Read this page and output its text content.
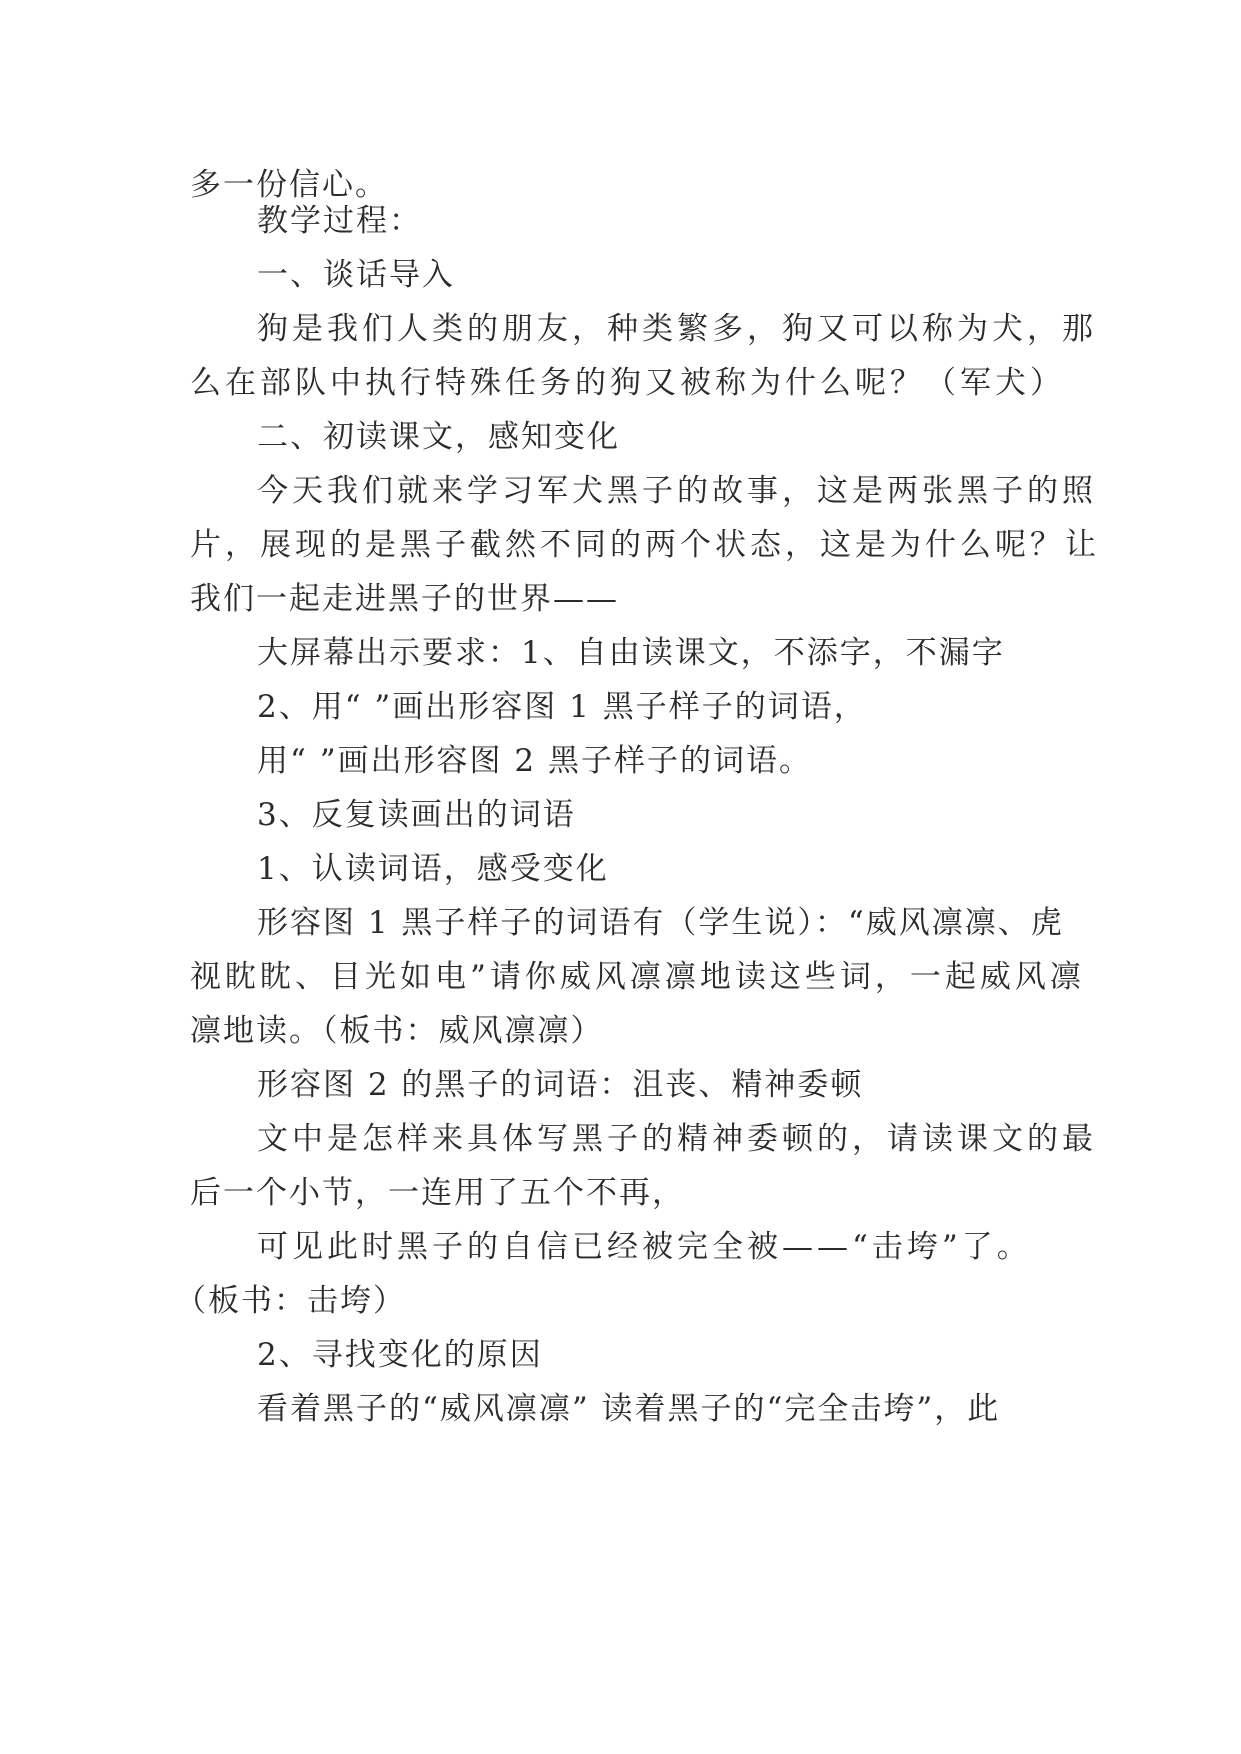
多一份信心。
教学过程：
一、谈话导入
狗是我们人类的朋友，种类繁多，狗又可以称为犬，那
么在部队中执行特殊任务的狗又被称为什么呢？（军犬）
二、初读课文，感知变化
今天我们就来学习军犬黑子的故事，这是两张黑子的照
片，展现的是黑子截然不同的两个状态，这是为什么呢？让
我们一起走进黑子的世界——
大屏幕出示要求：1、自由读课文，不添字，不漏字
2、用“ ”画出形容图 1 黑子样子的词语，
用“ ”画出形容图 2 黑子样子的词语。
3、反复读画出的词语
1、认读词语，感受变化
形容图 1 黑子样子的词语有（学生说）：“威风凛凛、虎
视眈眈、目光如电”请你威风凛凛地读这些词，一起威风凛
凛地读。（板书：威风凛凛）
形容图 2 的黑子的词语：沮丧、精神委顿
文中是怎样来具体写黑子的精神委顿的，请读课文的最
后一个小节，一连用了五个不再，
可见此时黑子的自信已经被完全被——“击垮”了。
（板书：击垮）
2、寻找变化的原因
看着黑子的“威风凛凛” 读着黑子的“完全击垮”，此
